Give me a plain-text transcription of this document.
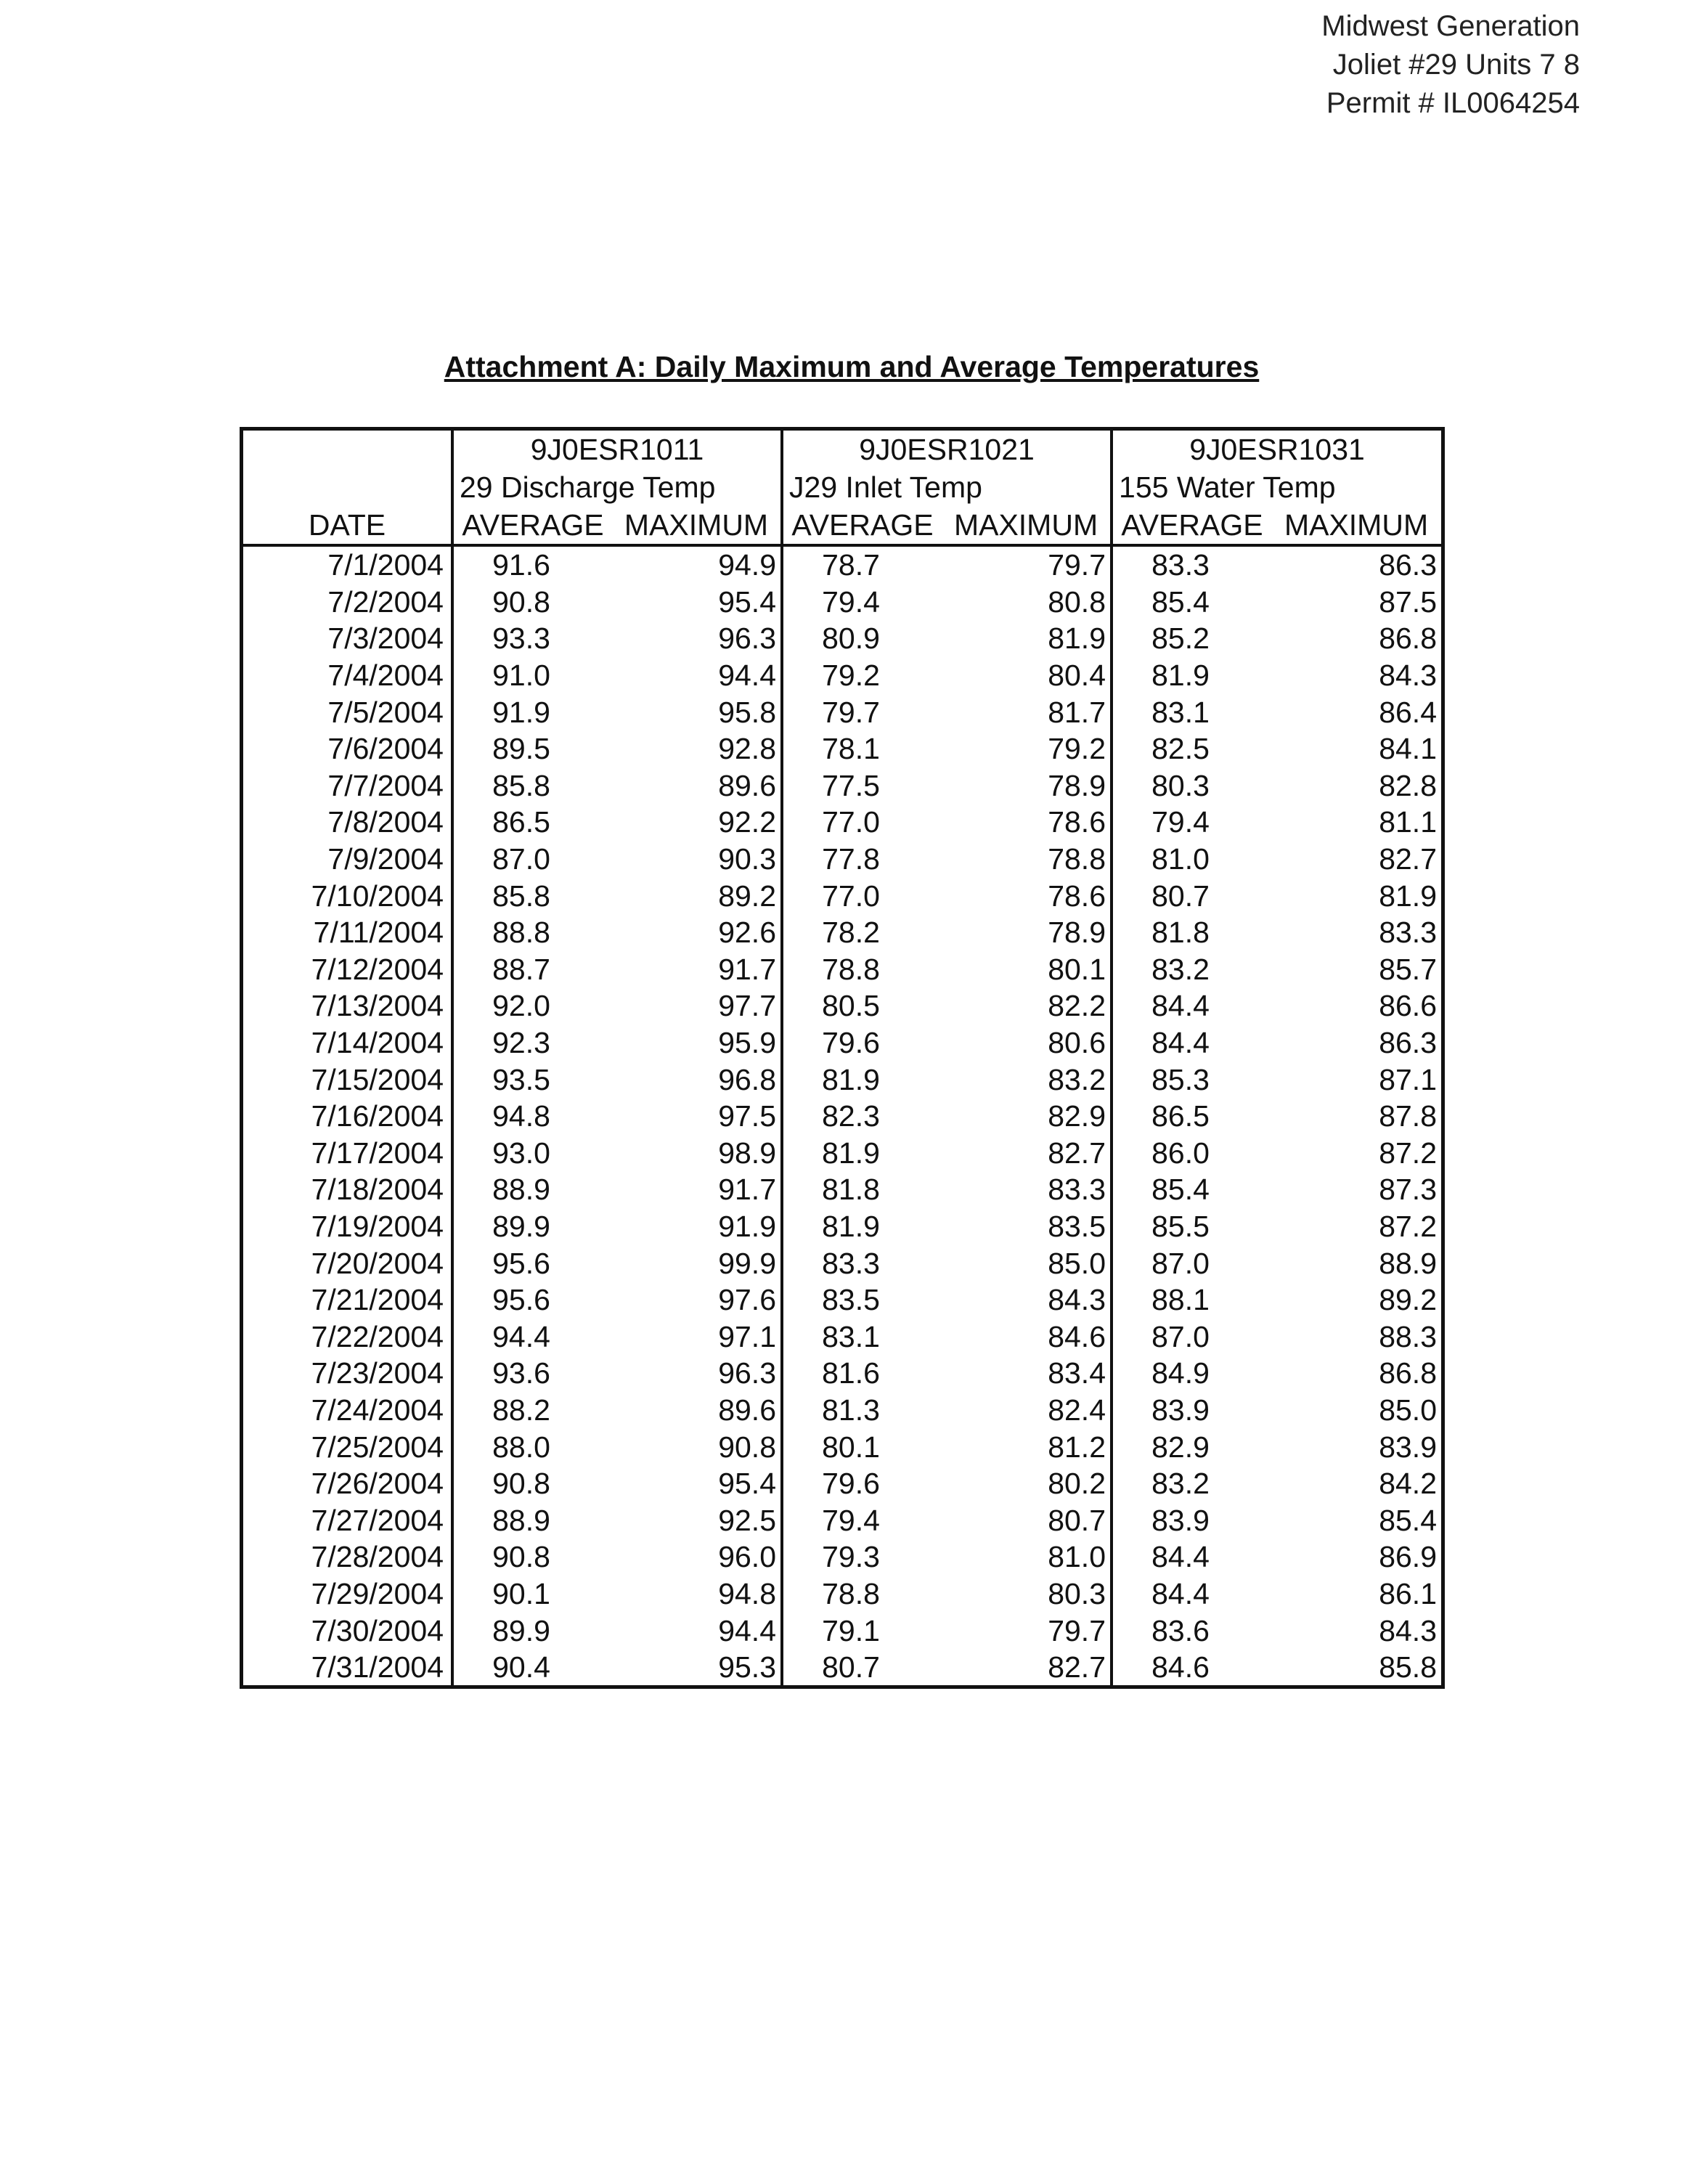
Midwest Generation
Joliet #29 Units 7 8
Permit # IL0064254
Attachment A: Daily Maximum and Average Temperatures
	9J0ESR1011		9J0ESR1021		9J0ESR1031	
	29 Discharge Temp		J29 Inlet Temp		155 Water Temp	
DATE	AVERAGE	MAXIMUM	AVERAGE	MAXIMUM	AVERAGE	MAXIMUM
7/1/2004	91.6	94.9	78.7	79.7	83.3	86.3
7/2/2004	90.8	95.4	79.4	80.8	85.4	87.5
7/3/2004	93.3	96.3	80.9	81.9	85.2	86.8
7/4/2004	91.0	94.4	79.2	80.4	81.9	84.3
7/5/2004	91.9	95.8	79.7	81.7	83.1	86.4
7/6/2004	89.5	92.8	78.1	79.2	82.5	84.1
7/7/2004	85.8	89.6	77.5	78.9	80.3	82.8
7/8/2004	86.5	92.2	77.0	78.6	79.4	81.1
7/9/2004	87.0	90.3	77.8	78.8	81.0	82.7
7/10/2004	85.8	89.2	77.0	78.6	80.7	81.9
7/11/2004	88.8	92.6	78.2	78.9	81.8	83.3
7/12/2004	88.7	91.7	78.8	80.1	83.2	85.7
7/13/2004	92.0	97.7	80.5	82.2	84.4	86.6
7/14/2004	92.3	95.9	79.6	80.6	84.4	86.3
7/15/2004	93.5	96.8	81.9	83.2	85.3	87.1
7/16/2004	94.8	97.5	82.3	82.9	86.5	87.8
7/17/2004	93.0	98.9	81.9	82.7	86.0	87.2
7/18/2004	88.9	91.7	81.8	83.3	85.4	87.3
7/19/2004	89.9	91.9	81.9	83.5	85.5	87.2
7/20/2004	95.6	99.9	83.3	85.0	87.0	88.9
7/21/2004	95.6	97.6	83.5	84.3	88.1	89.2
7/22/2004	94.4	97.1	83.1	84.6	87.0	88.3
7/23/2004	93.6	96.3	81.6	83.4	84.9	86.8
7/24/2004	88.2	89.6	81.3	82.4	83.9	85.0
7/25/2004	88.0	90.8	80.1	81.2	82.9	83.9
7/26/2004	90.8	95.4	79.6	80.2	83.2	84.2
7/27/2004	88.9	92.5	79.4	80.7	83.9	85.4
7/28/2004	90.8	96.0	79.3	81.0	84.4	86.9
7/29/2004	90.1	94.8	78.8	80.3	84.4	86.1
7/30/2004	89.9	94.4	79.1	79.7	83.6	84.3
7/31/2004	90.4	95.3	80.7	82.7	84.6	85.8
